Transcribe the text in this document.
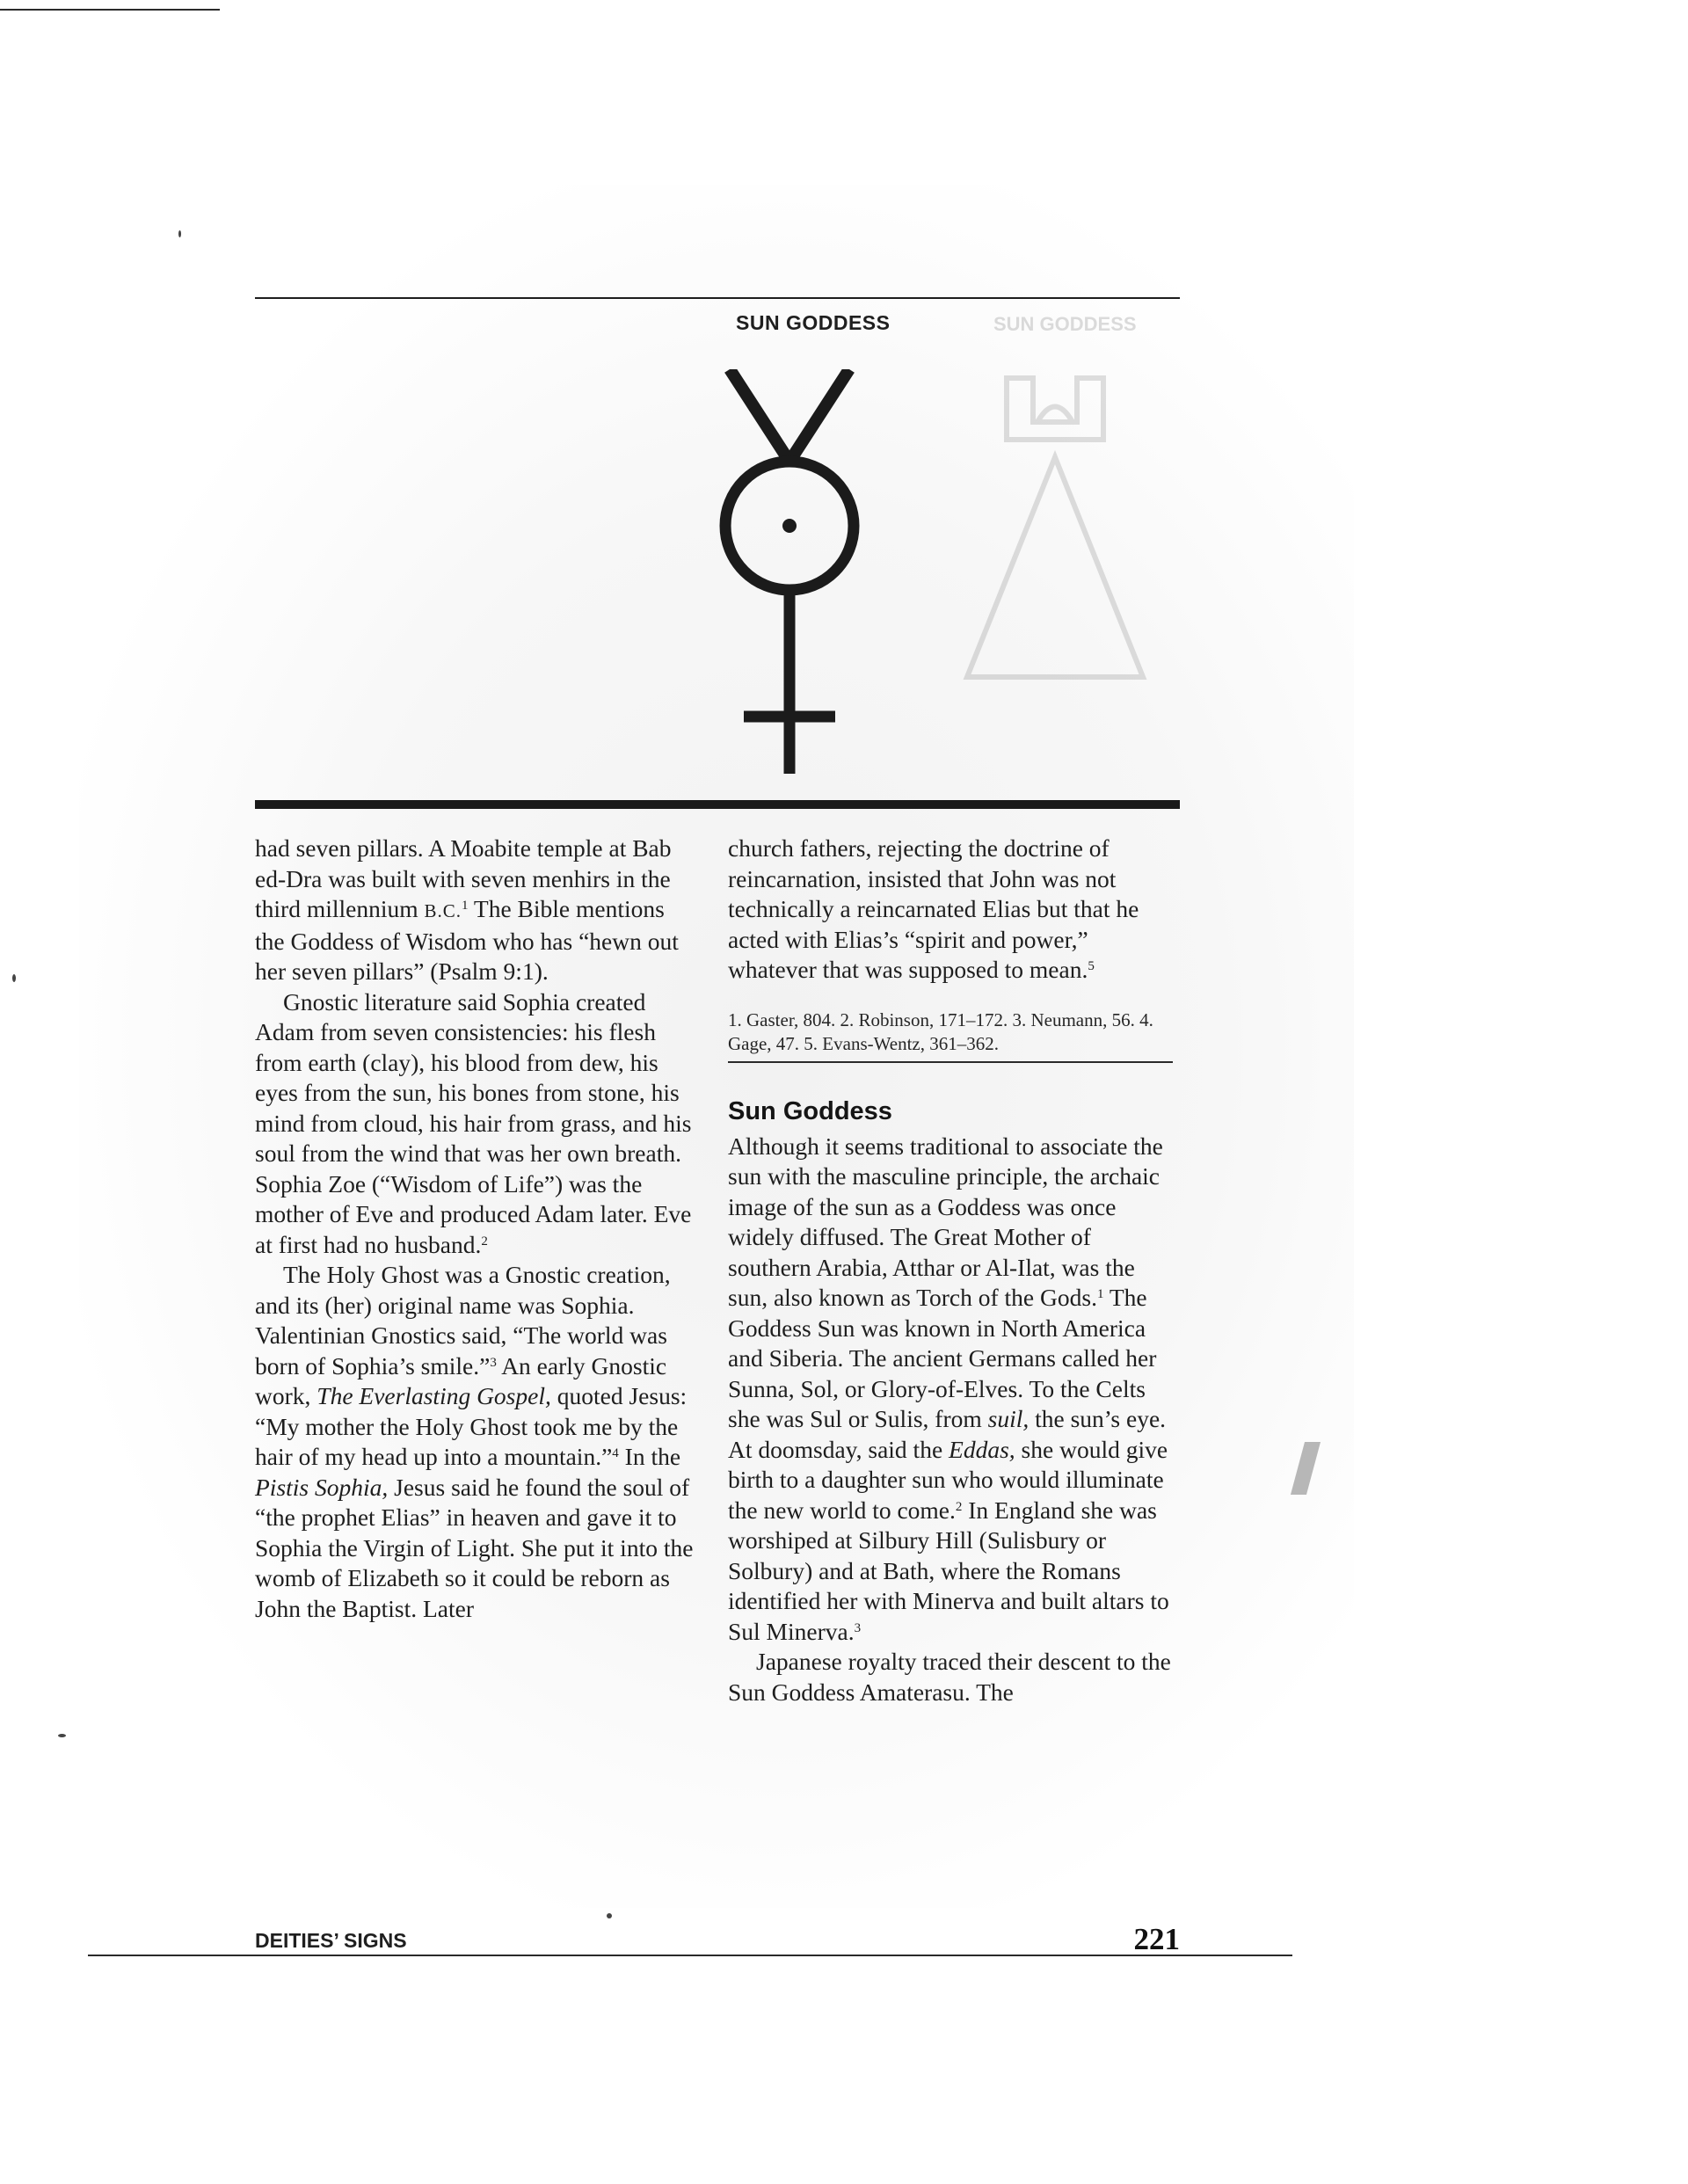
SUN GODDESS
SUN GODDESS

had seven pillars. A Moabite temple at Bab ed-Dra was built with seven menhirs in the third millennium B.C.$^1$ The Bible mentions the Goddess of Wisdom who has “hewn out her seven pillars” (Psalm 9:1).

Gnostic literature said Sophia created Adam from seven consistencies: his flesh from earth (clay), his blood from dew, his eyes from the sun, his bones from stone, his mind from cloud, his hair from grass, and his soul from the wind that was her own breath. Sophia Zoe (“Wisdom of Life”) was the mother of Eve and produced Adam later. Eve at first had no husband.$^2$

The Holy Ghost was a Gnostic creation, and its (her) original name was Sophia. Valentinian Gnostics said, “The world was born of Sophia’s smile.”$^3$ An early Gnostic work, The Everlasting Gospel, quoted Jesus: “My mother the Holy Ghost took me by the hair of my head up into a mountain.”$^4$ In the Pistis Sophia, Jesus said he found the soul of “the prophet Elias” in heaven and gave it to Sophia the Virgin of Light. She put it into the womb of Elizabeth so it could be reborn as John the Baptist. Later

church fathers, rejecting the doctrine of reincarnation, insisted that John was not technically a reincarnated Elias but that he acted with Elias’s “spirit and power,” whatever that was supposed to mean.$^5$

1. Gaster, 804. 2. Robinson, 171–172. 3. Neumann, 56. 4. Gage, 47. 5. Evans-Wentz, 361–362.
Sun Goddess

Although it seems traditional to associate the sun with the masculine principle, the archaic image of the sun as a Goddess was once widely diffused. The Great Mother of southern Arabia, Atthar or Al-Ilat, was the sun, also known as Torch of the Gods.$^1$ The Goddess Sun was known in North America and Siberia. The ancient Germans called her Sunna, Sol, or Glory-of-Elves. To the Celts she was Sul or Sulis, from suil, the sun’s eye. At doomsday, said the Eddas, she would give birth to a daughter sun who would illuminate the new world to come.$^2$ In England she was worshiped at Silbury Hill (Sulisbury or Solbury) and at Bath, where the Romans identified her with Minerva and built altars to Sul Minerva.$^3$

Japanese royalty traced their descent to the Sun Goddess Amaterasu. The

DEITIES’ SIGNS	221
